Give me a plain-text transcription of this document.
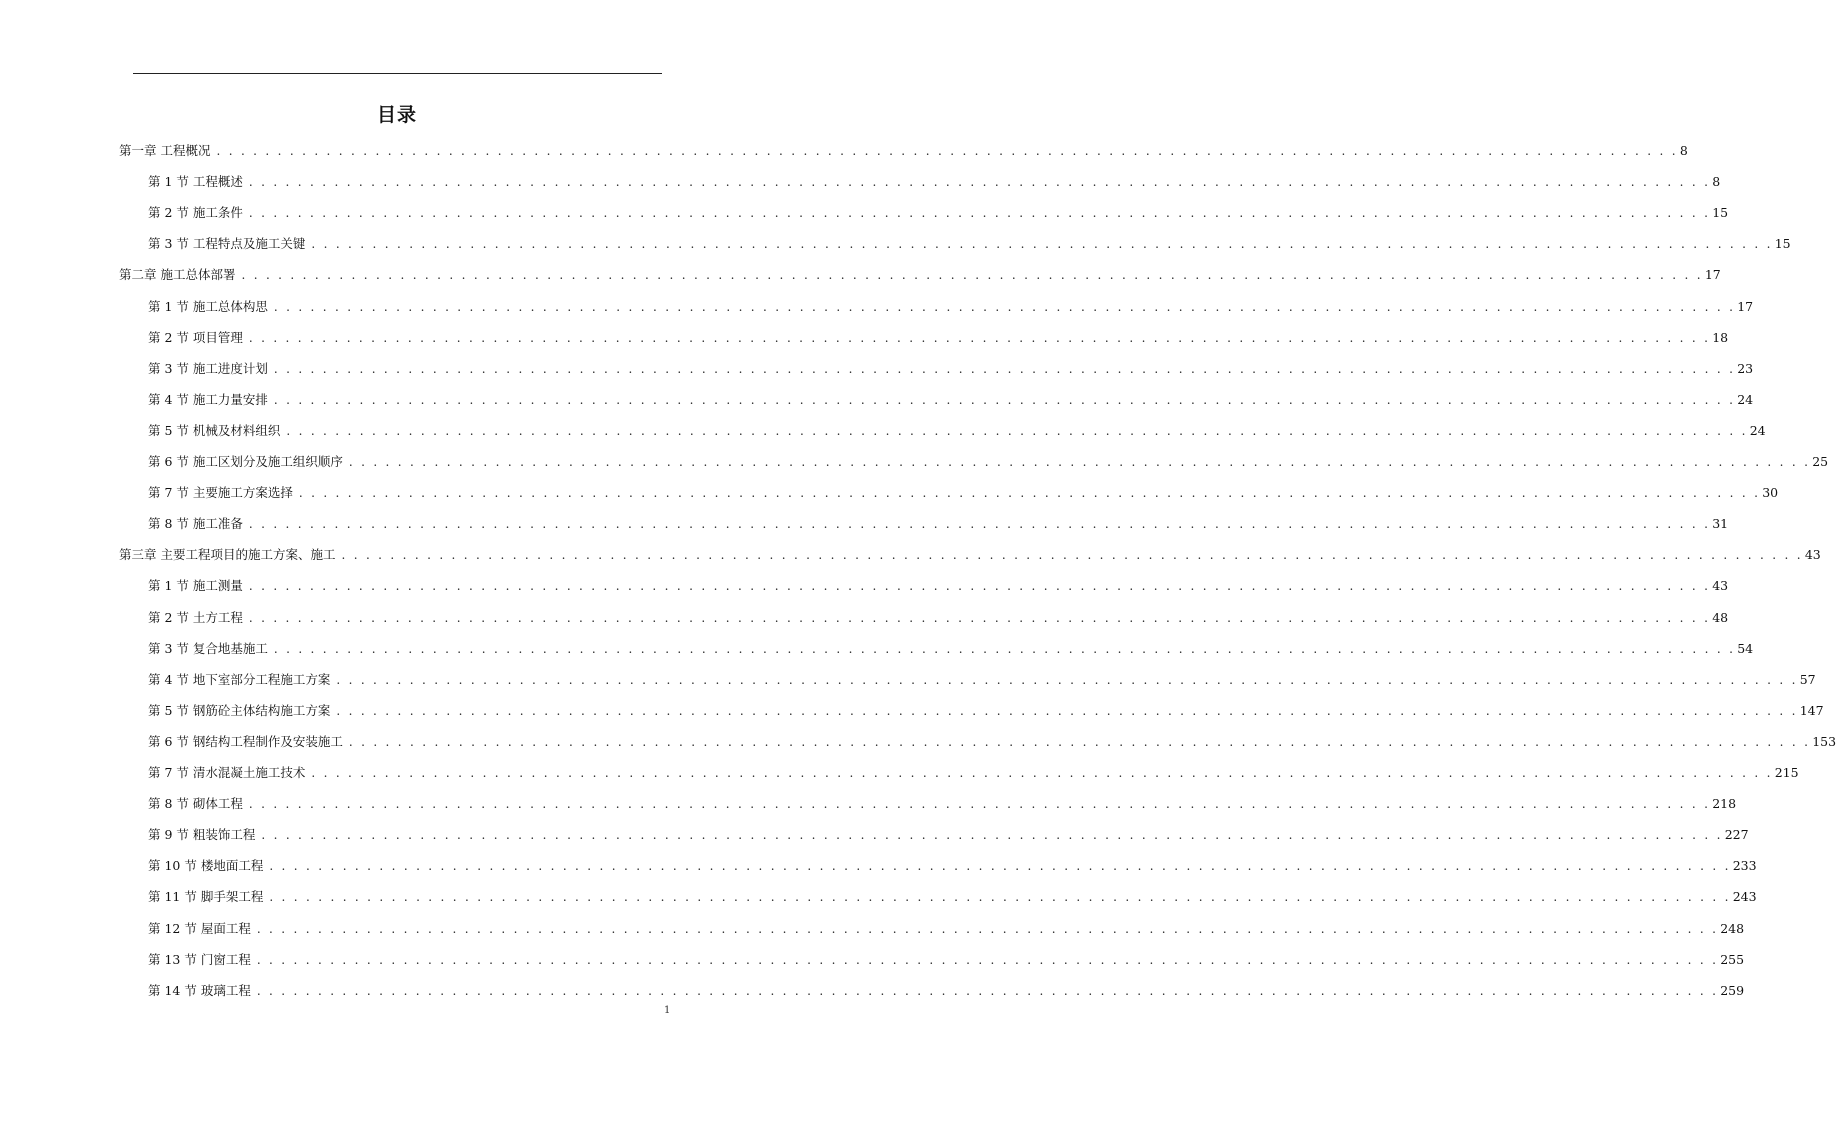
目录
第一章 工程概况 . . . . . . . . . . . . . . . . . . . . . . . . . . . . . . . . . . . . . . . . . . . . . . . . . . . . . . . . . . . . . . . . . . . . . . . . . . . . . . . . . . . . . . . . . . . . . . . . . . . . . . . . . . . . . . . . . . . . . . . . 8
第 1 节 工程概述 . . . . . . . . . . . . . . . . . . . . . . . . . . . . . . . . . . . . . . . . . . . . . . . . . . . . . . . . . . . . . . . . . . . . . . . . . . . . . . . . . . . . . . . . . . . . . . . . . . . . . . . . . . . . . . . . . . . . . . . . 8
第 2 节 施工条件 . . . . . . . . . . . . . . . . . . . . . . . . . . . . . . . . . . . . . . . . . . . . . . . . . . . . . . . . . . . . . . . . . . . . . . . . . . . . . . . . . . . . . . . . . . . . . . . . . . . . . . . . . . . . . . . . . . . . . . . . 15
第 3 节 工程特点及施工关键 . . . . . . . . . . . . . . . . . . . . . . . . . . . . . . . . . . . . . . . . . . . . . . . . . . . . . . . . . . . . . . . . . . . . . . . . . . . . . . . . . . . . . . . . . . . . . . . . . . . . . . . . . . . . . . . . . . . . . . . . 15
第二章 施工总体部署 . . . . . . . . . . . . . . . . . . . . . . . . . . . . . . . . . . . . . . . . . . . . . . . . . . . . . . . . . . . . . . . . . . . . . . . . . . . . . . . . . . . . . . . . . . . . . . . . . . . . . . . . . . . . . . . . . . . . . . . . 17
第 1 节 施工总体构思 . . . . . . . . . . . . . . . . . . . . . . . . . . . . . . . . . . . . . . . . . . . . . . . . . . . . . . . . . . . . . . . . . . . . . . . . . . . . . . . . . . . . . . . . . . . . . . . . . . . . . . . . . . . . . . . . . . . . . . . . 17
第 2 节 项目管理 . . . . . . . . . . . . . . . . . . . . . . . . . . . . . . . . . . . . . . . . . . . . . . . . . . . . . . . . . . . . . . . . . . . . . . . . . . . . . . . . . . . . . . . . . . . . . . . . . . . . . . . . . . . . . . . . . . . . . . . . 18
第 3 节 施工进度计划 . . . . . . . . . . . . . . . . . . . . . . . . . . . . . . . . . . . . . . . . . . . . . . . . . . . . . . . . . . . . . . . . . . . . . . . . . . . . . . . . . . . . . . . . . . . . . . . . . . . . . . . . . . . . . . . . . . . . . . . . 23
第 4 节 施工力量安排 . . . . . . . . . . . . . . . . . . . . . . . . . . . . . . . . . . . . . . . . . . . . . . . . . . . . . . . . . . . . . . . . . . . . . . . . . . . . . . . . . . . . . . . . . . . . . . . . . . . . . . . . . . . . . . . . . . . . . . . . 24
第 5 节 机械及材料组织 . . . . . . . . . . . . . . . . . . . . . . . . . . . . . . . . . . . . . . . . . . . . . . . . . . . . . . . . . . . . . . . . . . . . . . . . . . . . . . . . . . . . . . . . . . . . . . . . . . . . . . . . . . . . . . . . . . . . . . . . 24
第 6 节 施工区划分及施工组织顺序 . . . . . . . . . . . . . . . . . . . . . . . . . . . . . . . . . . . . . . . . . . . . . . . . . . . . . . . . . . . . . . . . . . . . . . . . . . . . . . . . . . . . . . . . . . . . . . . . . . . . . . . . . . . . . . . . . . . . . . . . 25
第 7 节 主要施工方案选择 . . . . . . . . . . . . . . . . . . . . . . . . . . . . . . . . . . . . . . . . . . . . . . . . . . . . . . . . . . . . . . . . . . . . . . . . . . . . . . . . . . . . . . . . . . . . . . . . . . . . . . . . . . . . . . . . . . . . . . . . 30
第 8 节 施工准备 . . . . . . . . . . . . . . . . . . . . . . . . . . . . . . . . . . . . . . . . . . . . . . . . . . . . . . . . . . . . . . . . . . . . . . . . . . . . . . . . . . . . . . . . . . . . . . . . . . . . . . . . . . . . . . . . . . . . . . . . 31
第三章 主要工程项目的施工方案、施工 . . . . . . . . . . . . . . . . . . . . . . . . . . . . . . . . . . . . . . . . . . . . . . . . . . . . . . . . . . . . . . . . . . . . . . . . . . . . . . . . . . . . . . . . . . . . . . . . . . . . . . . . . . . . . . . . . . . . . . . . 43
第 1 节 施工测量 . . . . . . . . . . . . . . . . . . . . . . . . . . . . . . . . . . . . . . . . . . . . . . . . . . . . . . . . . . . . . . . . . . . . . . . . . . . . . . . . . . . . . . . . . . . . . . . . . . . . . . . . . . . . . . . . . . . . . . . . 43
第 2 节 土方工程 . . . . . . . . . . . . . . . . . . . . . . . . . . . . . . . . . . . . . . . . . . . . . . . . . . . . . . . . . . . . . . . . . . . . . . . . . . . . . . . . . . . . . . . . . . . . . . . . . . . . . . . . . . . . . . . . . . . . . . . . 48
第 3 节 复合地基施工 . . . . . . . . . . . . . . . . . . . . . . . . . . . . . . . . . . . . . . . . . . . . . . . . . . . . . . . . . . . . . . . . . . . . . . . . . . . . . . . . . . . . . . . . . . . . . . . . . . . . . . . . . . . . . . . . . . . . . . . . 54
第 4 节 地下室部分工程施工方案 . . . . . . . . . . . . . . . . . . . . . . . . . . . . . . . . . . . . . . . . . . . . . . . . . . . . . . . . . . . . . . . . . . . . . . . . . . . . . . . . . . . . . . . . . . . . . . . . . . . . . . . . . . . . . . . . . . . . . . . . 57
第 5 节 钢筋砼主体结构施工方案 . . . . . . . . . . . . . . . . . . . . . . . . . . . . . . . . . . . . . . . . . . . . . . . . . . . . . . . . . . . . . . . . . . . . . . . . . . . . . . . . . . . . . . . . . . . . . . . . . . . . . . . . . . . . . . . . . . . . . . . . 147
第 6 节 钢结构工程制作及安装施工 . . . . . . . . . . . . . . . . . . . . . . . . . . . . . . . . . . . . . . . . . . . . . . . . . . . . . . . . . . . . . . . . . . . . . . . . . . . . . . . . . . . . . . . . . . . . . . . . . . . . . . . . . . . . . . . . . . . . . . . . 153
第 7 节 清水混凝土施工技术 . . . . . . . . . . . . . . . . . . . . . . . . . . . . . . . . . . . . . . . . . . . . . . . . . . . . . . . . . . . . . . . . . . . . . . . . . . . . . . . . . . . . . . . . . . . . . . . . . . . . . . . . . . . . . . . . . . . . . . . . 215
第 8 节 砌体工程 . . . . . . . . . . . . . . . . . . . . . . . . . . . . . . . . . . . . . . . . . . . . . . . . . . . . . . . . . . . . . . . . . . . . . . . . . . . . . . . . . . . . . . . . . . . . . . . . . . . . . . . . . . . . . . . . . . . . . . . . 218
第 9 节 粗装饰工程 . . . . . . . . . . . . . . . . . . . . . . . . . . . . . . . . . . . . . . . . . . . . . . . . . . . . . . . . . . . . . . . . . . . . . . . . . . . . . . . . . . . . . . . . . . . . . . . . . . . . . . . . . . . . . . . . . . . . . . . . 227
第 10 节 楼地面工程 . . . . . . . . . . . . . . . . . . . . . . . . . . . . . . . . . . . . . . . . . . . . . . . . . . . . . . . . . . . . . . . . . . . . . . . . . . . . . . . . . . . . . . . . . . . . . . . . . . . . . . . . . . . . . . . . . . . . . . . . 233
第 11 节 脚手架工程 . . . . . . . . . . . . . . . . . . . . . . . . . . . . . . . . . . . . . . . . . . . . . . . . . . . . . . . . . . . . . . . . . . . . . . . . . . . . . . . . . . . . . . . . . . . . . . . . . . . . . . . . . . . . . . . . . . . . . . . . 243
第 12 节 屋面工程 . . . . . . . . . . . . . . . . . . . . . . . . . . . . . . . . . . . . . . . . . . . . . . . . . . . . . . . . . . . . . . . . . . . . . . . . . . . . . . . . . . . . . . . . . . . . . . . . . . . . . . . . . . . . . . . . . . . . . . . . 248
第 13 节 门窗工程 . . . . . . . . . . . . . . . . . . . . . . . . . . . . . . . . . . . . . . . . . . . . . . . . . . . . . . . . . . . . . . . . . . . . . . . . . . . . . . . . . . . . . . . . . . . . . . . . . . . . . . . . . . . . . . . . . . . . . . . . 255
第 14 节 玻璃工程 . . . . . . . . . . . . . . . . . . . . . . . . . . . . . . . . . . . . . . . . . . . . . . . . . . . . . . . . . . . . . . . . . . . . . . . . . . . . . . . . . . . . . . . . . . . . . . . . . . . . . . . . . . . . . . . . . . . . . . . . 259
1
